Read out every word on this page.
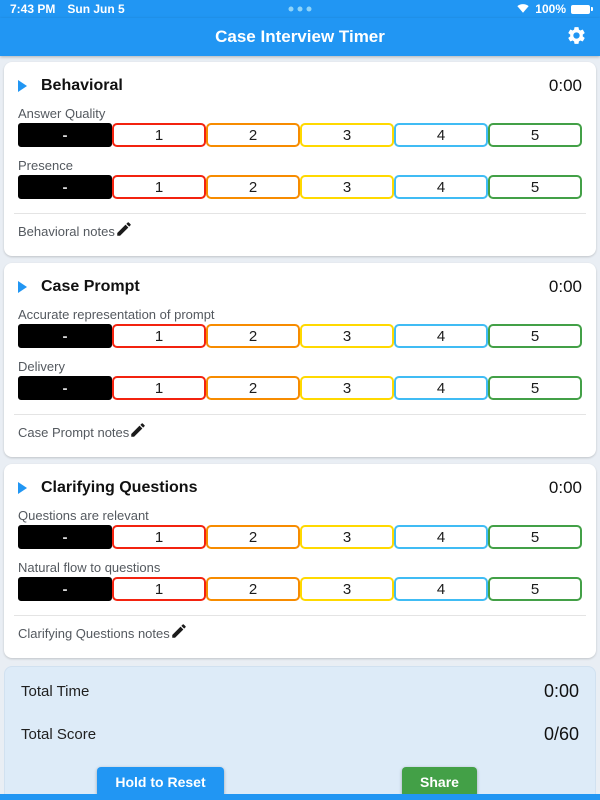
7:43 PM Sun Jun 5	100%
Case Interview Timer
Behavioral	0:00
Answer Quality
-	1	2	3	4	5
Presence
-	1	2	3	4	5
Behavioral notes
Case Prompt	0:00
Accurate representation of prompt
-	1	2	3	4	5
Delivery
-	1	2	3	4	5
Case Prompt notes
Clarifying Questions	0:00
Questions are relevant
-	1	2	3	4	5
Natural flow to questions
-	1	2	3	4	5
Clarifying Questions notes
Total Time	0:00
Total Score	0/60
Hold to Reset	Share
